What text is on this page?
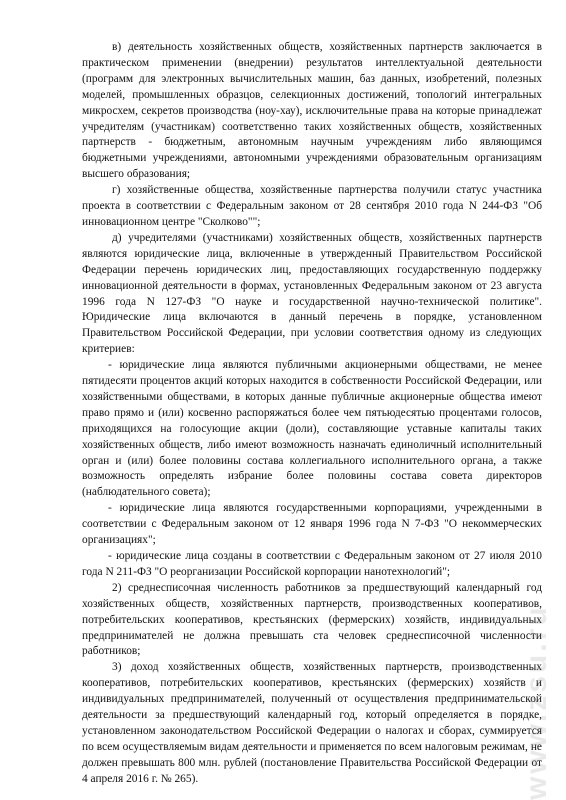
в) деятельность хозяйственных обществ, хозяйственных партнерств заключается в практическом применении (внедрении) результатов интеллектуальной деятельности (программ для электронных вычислительных машин, баз данных, изобретений, полезных моделей, промышленных образцов, селекционных достижений, топологий интегральных микросхем, секретов производства (ноу-хау), исключительные права на которые принадлежат учредителям (участникам) соответственно таких хозяйственных обществ, хозяйственных партнерств - бюджетным, автономным научным учреждениям либо являющимся бюджетными учреждениями, автономными учреждениями образовательным организациям высшего образования;

г) хозяйственные общества, хозяйственные партнерства получили статус участника проекта в соответствии с Федеральным законом от 28 сентября 2010 года N 244-ФЗ "Об инновационном центре "Сколково"";

д) учредителями (участниками) хозяйственных обществ, хозяйственных партнерств являются юридические лица, включенные в утвержденный Правительством Российской Федерации перечень юридических лиц, предоставляющих государственную поддержку инновационной деятельности в формах, установленных Федеральным законом от 23 августа 1996 года N 127-ФЗ "О науке и государственной научно-технической политике". Юридические лица включаются в данный перечень в порядке, установленном Правительством Российской Федерации, при условии соответствия одному из следующих критериев:

- юридические лица являются публичными акционерными обществами, не менее пятидесяти процентов акций которых находится в собственности Российской Федерации, или хозяйственными обществами, в которых данные публичные акционерные общества имеют право прямо и (или) косвенно распоряжаться более чем пятьюдесятью процентами голосов, приходящихся на голосующие акции (доли), составляющие уставные капиталы таких хозяйственных обществ, либо имеют возможность назначать единоличный исполнительный орган и (или) более половины состава коллегиального исполнительного органа, а также возможность определять избрание более половины состава совета директоров (наблюдательного совета);

- юридические лица являются государственными корпорациями, учрежденными в соответствии с Федеральным законом от 12 января 1996 года N 7-ФЗ "О некоммерческих организациях";

- юридические лица созданы в соответствии с Федеральным законом от 27 июля 2010 года N 211-ФЗ "О реорганизации Российской корпорации нанотехнологий";

2) среднесписочная численность работников за предшествующий календарный год хозяйственных обществ, хозяйственных партнерств, производственных кооперативов, потребительских кооперативов, крестьянских (фермерских) хозяйств, индивидуальных предпринимателей не должна превышать ста человек среднесписочной численности работников;

3) доход хозяйственных обществ, хозяйственных партнерств, производственных кооперативов, потребительских кооперативов, крестьянских (фермерских) хозяйств и индивидуальных предпринимателей, полученный от осуществления предпринимательской деятельности за предшествующий календарный год, который определяется в порядке, установленном законодательством Российской Федерации о налогах и сборах, суммируется по всем осуществляемым видам деятельности и применяется по всем налоговым режимам, не должен превышать 800 млн. рублей (постановление Правительства Российской Федерации от 4 апреля 2016 г. № 265).	www.zsu.ru
